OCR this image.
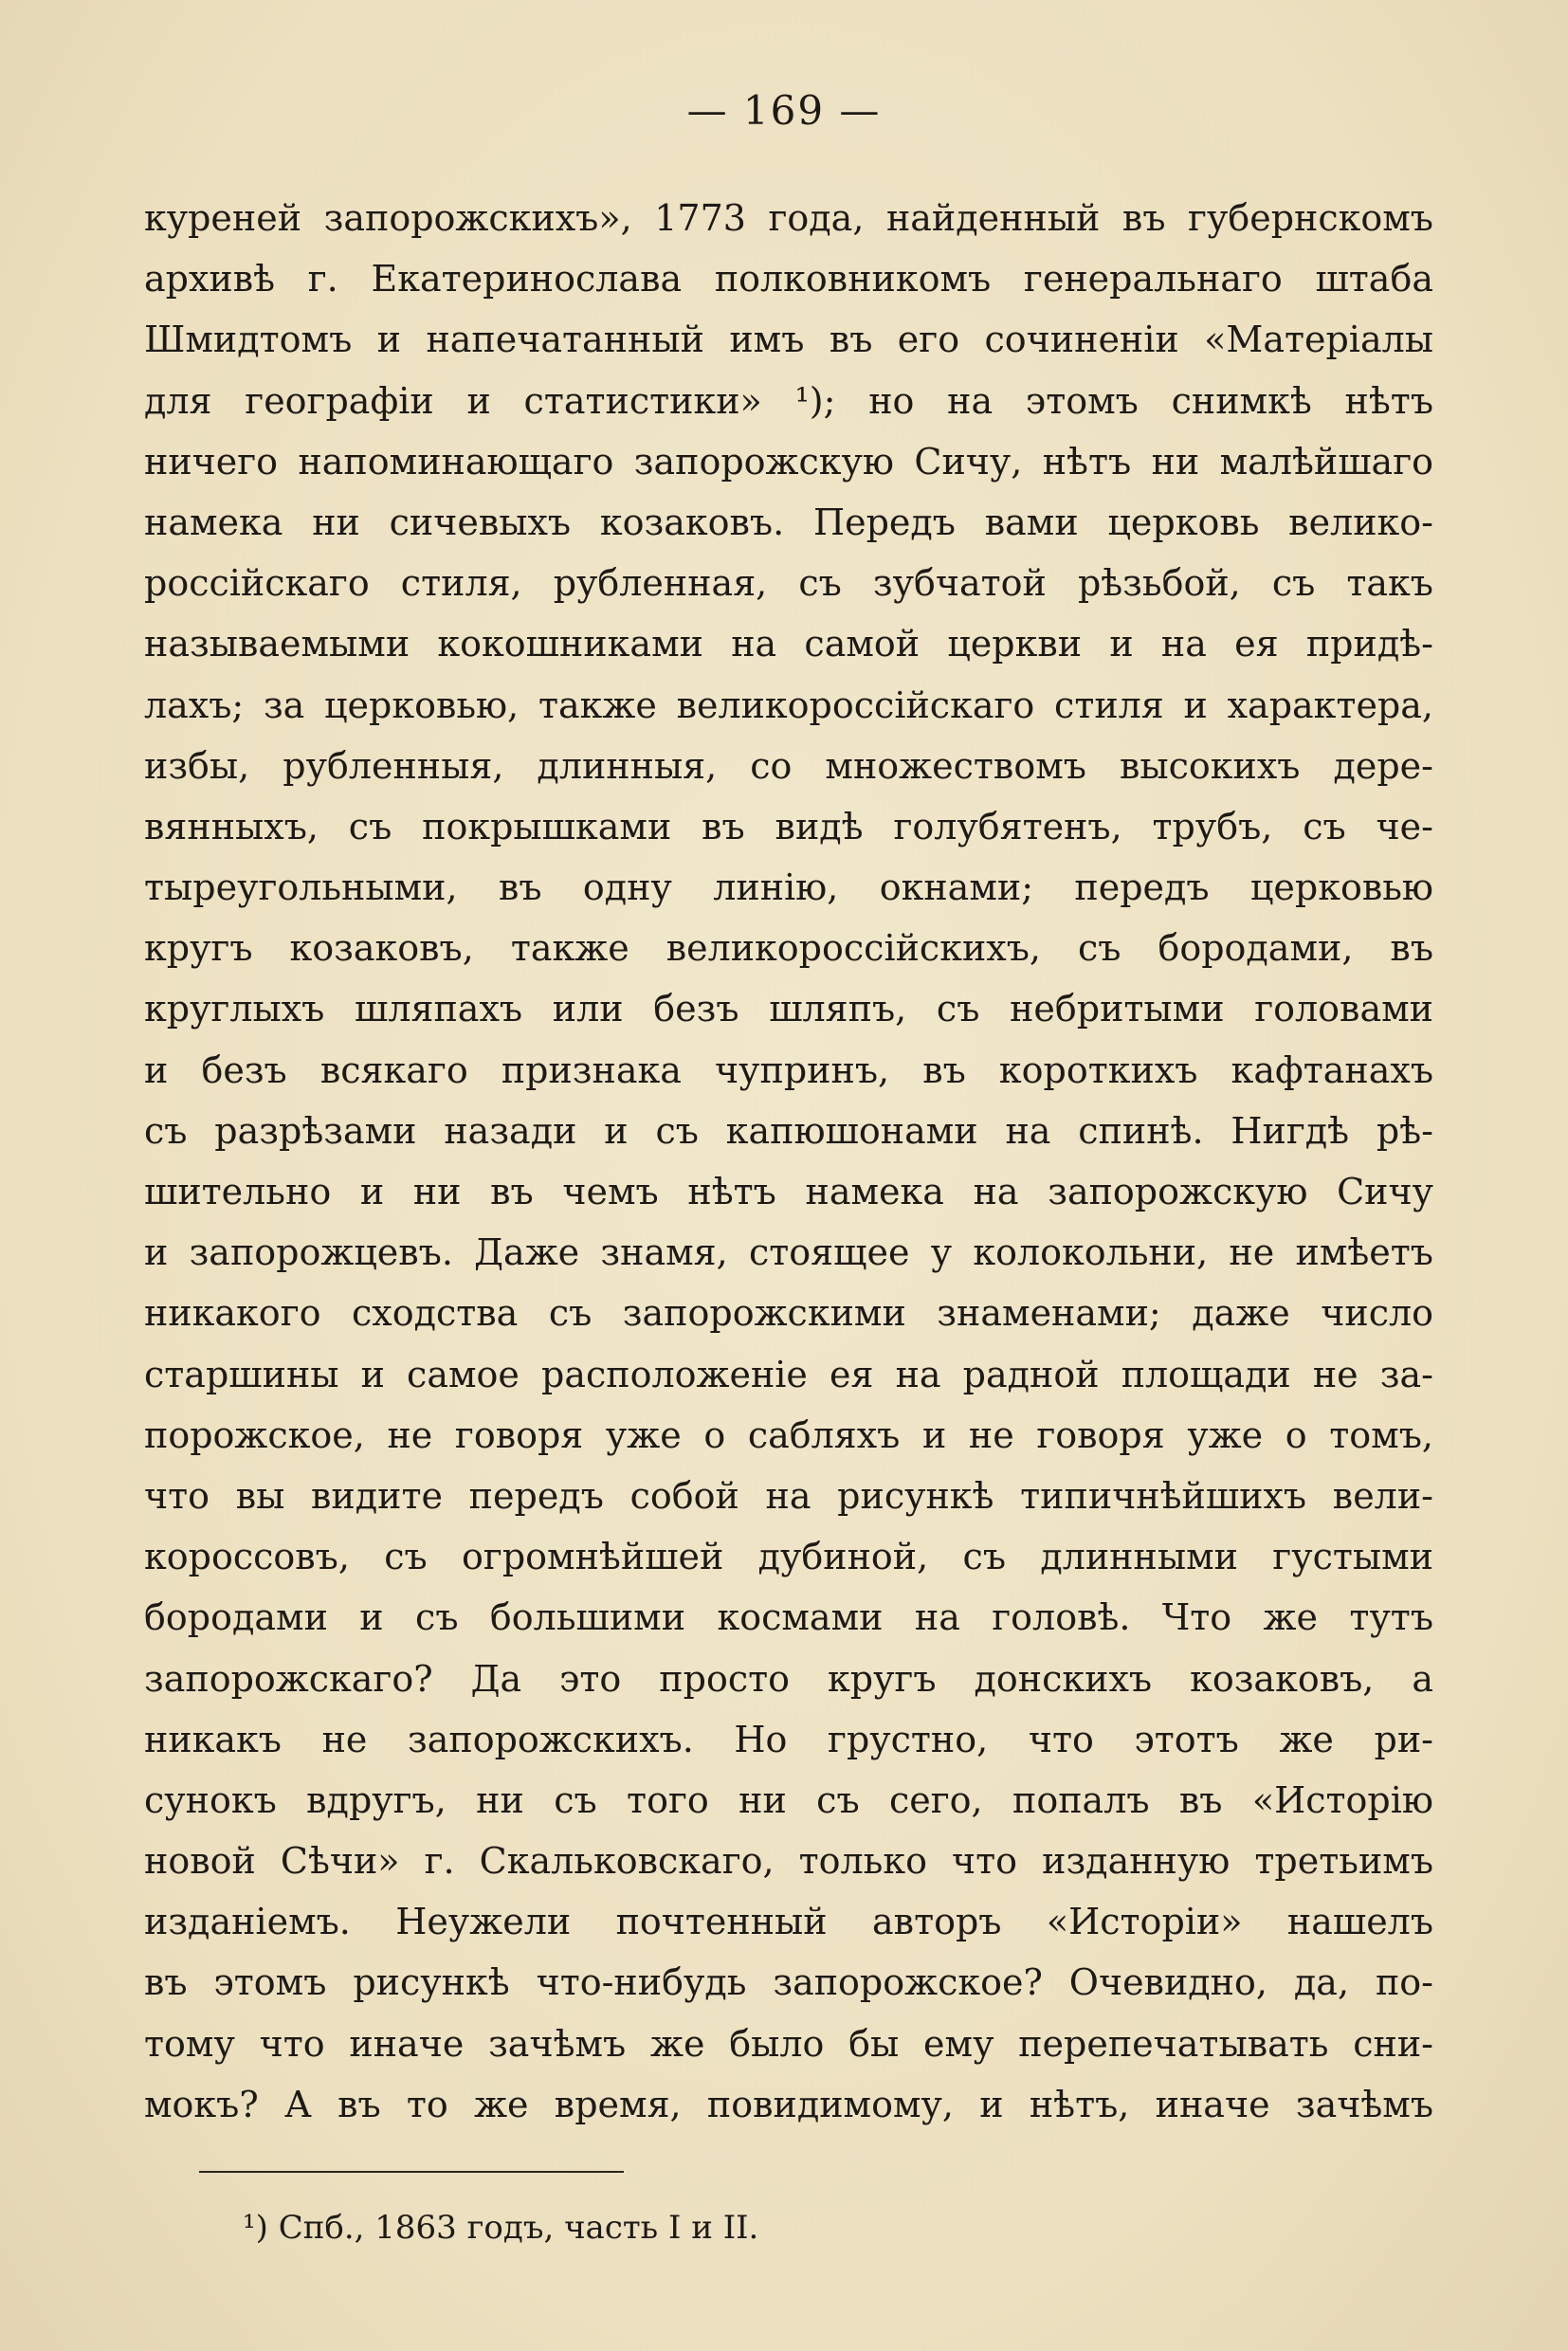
— 169 —
куреней запорожскихъ», 1773 года, найденный въ губернскомъ
архивѣ г. Екатеринослава полковникомъ генеральнаго штаба
Шмидтомъ и напечатанный имъ въ его сочиненіи «Матеріалы
для географіи и статистики» ¹); но на этомъ снимкѣ нѣтъ
ничего напоминающаго запорожскую Сичу, нѣтъ ни малѣйшаго
намека ни сичевыхъ козаковъ. Передъ вами церковь велико-
россійскаго стиля, рубленная, съ зубчатой рѣзьбой, съ такъ
называемыми кокошниками на самой церкви и на ея придѣ-
лахъ; за церковью, также великороссійскаго стиля и характера,
избы, рубленныя, длинныя, со множествомъ высокихъ дере-
вянныхъ, съ покрышками въ видѣ голубятенъ, трубъ, съ че-
тыреугольными, въ одну линію, окнами; передъ церковью
кругъ козаковъ, также великороссійскихъ, съ бородами, въ
круглыхъ шляпахъ или безъ шляпъ, съ небритыми головами
и безъ всякаго признака чупринъ, въ короткихъ кафтанахъ
съ разрѣзами назади и съ капюшонами на спинѣ. Нигдѣ рѣ-
шительно и ни въ чемъ нѣтъ намека на запорожскую Сичу
и запорожцевъ. Даже знамя, стоящее у колокольни, не имѣетъ
никакого сходства съ запорожскими знаменами; даже число
старшины и самое расположеніе ея на радной площади не за-
порожское, не говоря уже о сабляхъ и не говоря уже о томъ,
что вы видите передъ собой на рисункѣ типичнѣйшихъ вели-
коросcовъ, съ огромнѣйшей дубиной, съ длинными густыми
бородами и съ большими космами на головѣ. Что же тутъ
запорожскаго? Да это просто кругъ донскихъ козаковъ, а
никакъ не запорожскихъ. Но грустно, что этотъ же ри-
сунокъ вдругъ, ни съ того ни съ сего, попалъ въ «Исторію
новой Сѣчи» г. Скальковскаго, только что изданную третьимъ
изданіемъ. Неужели почтенный авторъ «Исторіи» нашелъ
въ этомъ рисункѣ что-нибудь запорожское? Очевидно, да, по-
тому что иначе зачѣмъ же было бы ему перепечатывать сни-
мокъ? А въ то же время, повидимому, и нѣтъ, иначе зачѣмъ
¹) Спб., 1863 годъ, часть I и II.
